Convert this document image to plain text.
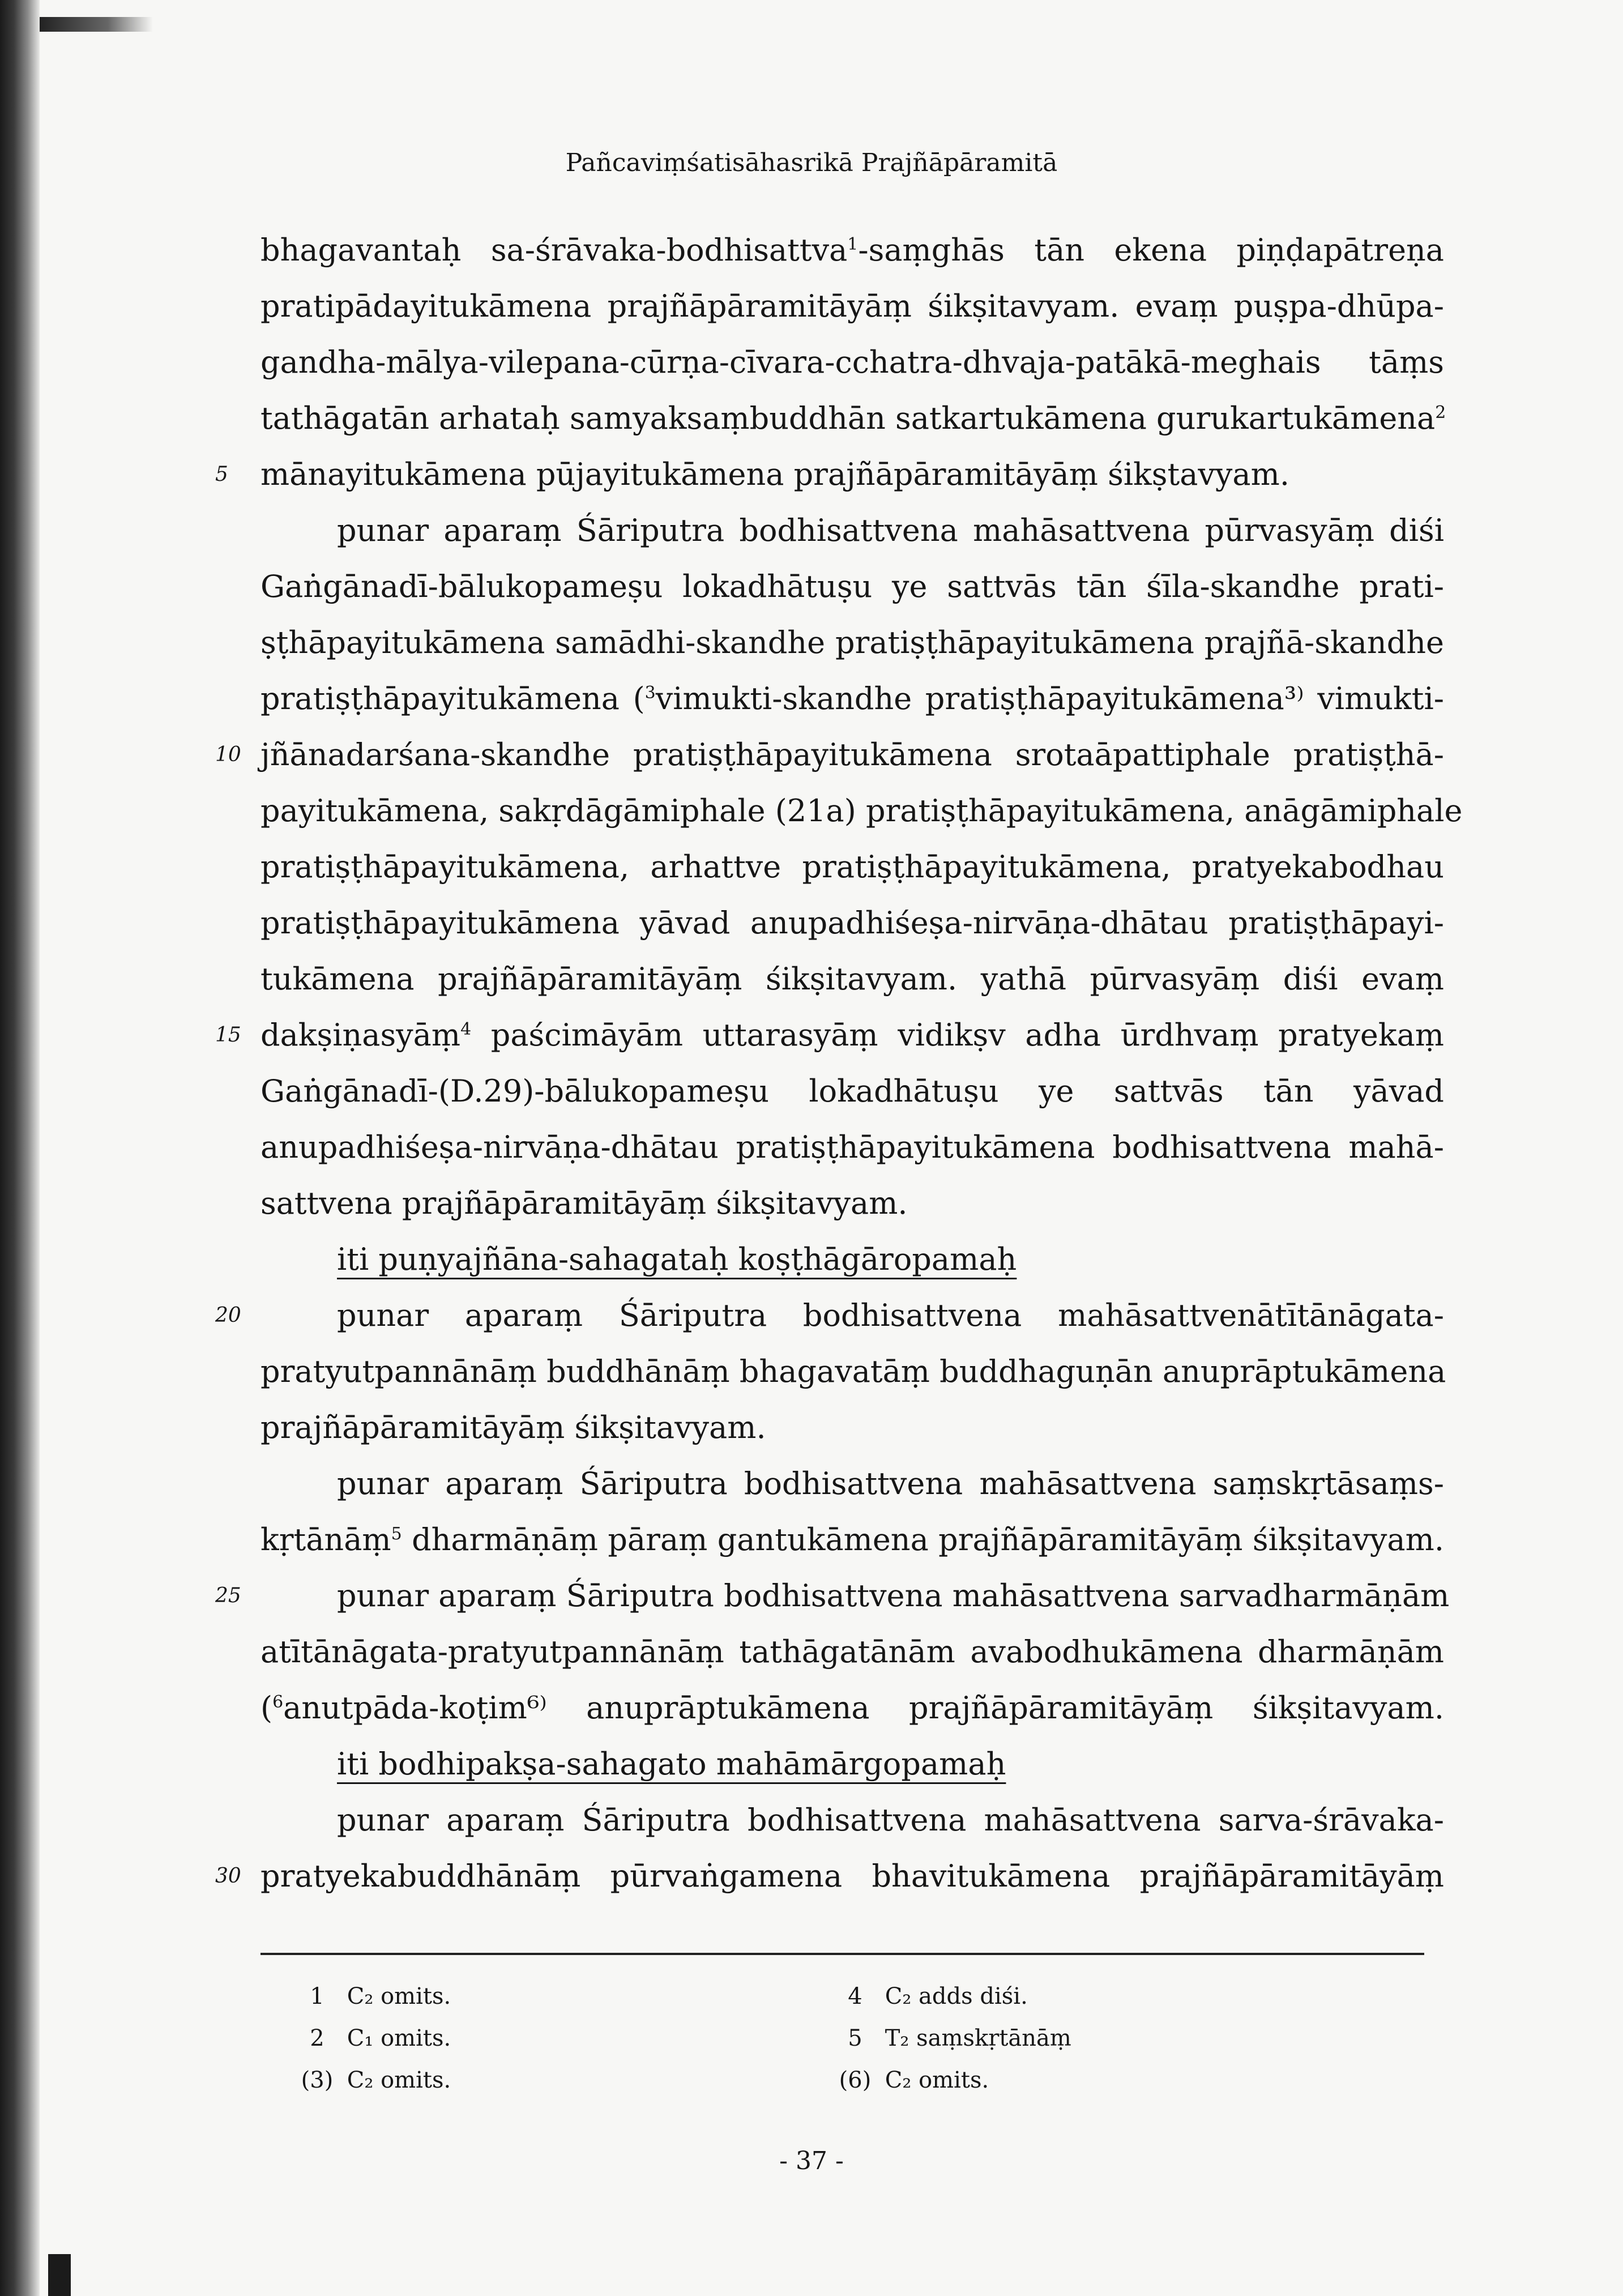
Pañcaviṃśatisāhasrikā Prajñāpāramitā
bhagavantaḥ sa-śrāvaka-bodhisattva$^1$-saṃghās tān ekena piṇḍapātreṇa
pratipādayitukāmena prajñāpāramitāyāṃ śikṣitavyam. evaṃ puṣpa-dhūpa-
gandha-mālya-vilepana-cūrṇa-cīvara-cchatra-dhvaja-patākā-meghais tāṃs
tathāgatān arhataḥ samyaksaṃbuddhān satkartukāmena gurukartukāmena$^2$
5	mānayitukāmena pūjayitukāmena prajñāpāramitāyāṃ śikṣtavyam.
punar aparaṃ Śāriputra bodhisattvena mahāsattvena pūrvasyāṃ diśi
Gaṅgānadī-bālukopameṣu lokadhātuṣu ye sattvās tān śīla-skandhe prati-
ṣṭhāpayitukāmena samādhi-skandhe pratiṣṭhāpayitukāmena prajñā-skandhe
pratiṣṭhāpayitukāmena ($^3$vimukti-skandhe pratiṣṭhāpayitukāmena³⁾ vimukti-
10 jñānadarśana-skandhe pratiṣṭhāpayitukāmena srotaāpattiphale pratiṣṭhā-
payitukāmena, sakṛdāgāmiphale (21a) pratiṣṭhāpayitukāmena, anāgāmiphale
pratiṣṭhāpayitukāmena, arhattve pratiṣṭhāpayitukāmena, pratyekabodhau
pratiṣṭhāpayitukāmena yāvad anupadhiśeṣa-nirvāṇa-dhātau pratiṣṭhāpayi-
tukāmena prajñāpāramitāyāṃ śikṣitavyam. yathā pūrvasyāṃ diśi evaṃ
15 dakṣiṇasyāṃ$^4$ paścimāyām uttarasyāṃ vidikṣv adha ūrdhvaṃ pratyekaṃ
Gaṅgānadī-(D.29)-bālukopameṣu lokadhātuṣu ye sattvās tān yāvad
anupadhiśeṣa-nirvāṇa-dhātau pratiṣṭhāpayitukāmena bodhisattvena mahā-
sattvena prajñāpāramitāyāṃ śikṣitavyam.
iti puṇyajñāna-sahagataḥ koṣṭhāgāropamaḥ
20	punar aparaṃ Śāriputra bodhisattvena mahāsattvenātītānāgata-
pratyutpannānāṃ buddhānāṃ bhagavatāṃ buddhaguṇān anuprāptukāmena
prajñāpāramitāyāṃ śikṣitavyam.
punar aparaṃ Śāriputra bodhisattvena mahāsattvena saṃskṛtāsaṃs-
kṛtānāṃ$^5$ dharmāṇāṃ pāraṃ gantukāmena prajñāpāramitāyāṃ śikṣitavyam.
25	punar aparaṃ Śāriputra bodhisattvena mahāsattvena sarvadharmāṇām
atītānāgata-pratyutpannānāṃ tathāgatānām avabodhukāmena dharmāṇām
($^6$anutpāda-koṭim⁶⁾ anuprāptukāmena prajñāpāramitāyāṃ śikṣitavyam.
iti bodhipakṣa-sahagato mahāmārgopamaḥ
punar aparaṃ Śāriputra bodhisattvena mahāsattvena sarva-śrāvaka-
30 pratyekabuddhānāṃ pūrvaṅgamena bhavitukāmena prajñāpāramitāyāṃ
1 C₂ omits.
2 C₁ omits.
(3) C₂ omits.
4 C₂ adds diśi.
5 T₂ saṃskṛtānāṃ
(6) C₂ omits.
- 37 -
